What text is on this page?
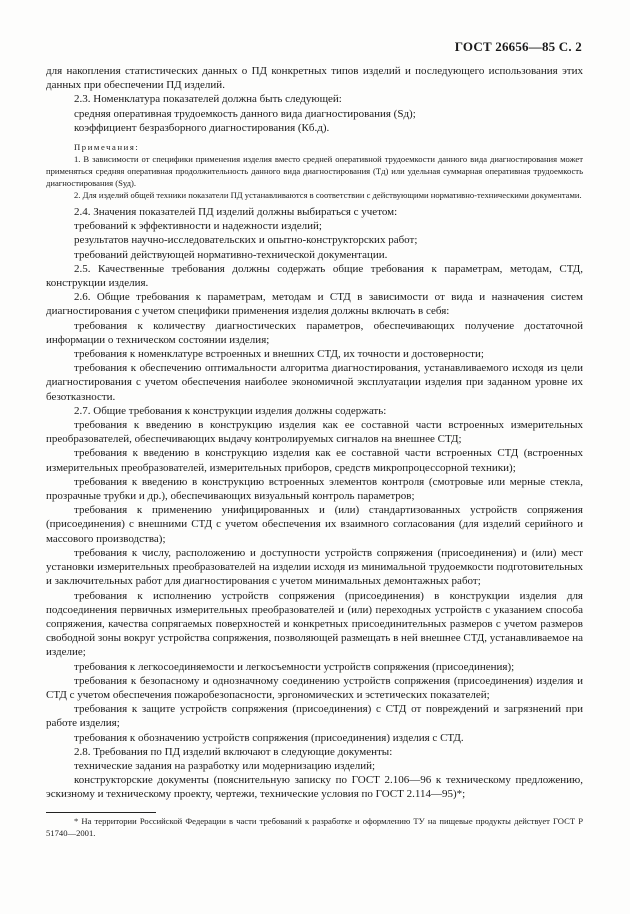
ГОСТ 26656—85 С. 2

для накопления статистических данных о ПД конкретных типов изделий и последующего использования этих данных при обеспечении ПД изделий.

2.3. Номенклатура показателей должна быть следующей:

средняя оперативная трудоемкость данного вида диагностирования (Sд);

коэффициент безразборного диагностирования (Кб.д).

Примечания:

1. В зависимости от специфики применения изделия вместо средней оперативной трудоемкости данного вида диагностирования может применяться средняя оперативная продолжительность данного вида диагностирования (Тд) или удельная суммарная оперативная трудоемкость диагностирования (Sуд).

2. Для изделий общей техники показатели ПД устанавливаются в соответствии с действующими нормативно-техническими документами.

2.4. Значения показателей ПД изделий должны выбираться с учетом:

требований к эффективности и надежности изделий;

результатов научно-исследовательских и опытно-конструкторских работ;

требований действующей нормативно-технической документации.

2.5. Качественные требования должны содержать общие требования к параметрам, методам, СТД, конструкции изделия.

2.6. Общие требования к параметрам, методам и СТД в зависимости от вида и назначения систем диагностирования с учетом специфики применения изделия должны включать в себя:

требования к количеству диагностических параметров, обеспечивающих получение достаточной информации о техническом состоянии изделия;

требования к номенклатуре встроенных и внешних СТД, их точности и достоверности;

требования к обеспечению оптимальности алгоритма диагностирования, устанавливаемого исходя из цели диагностирования с учетом обеспечения наиболее экономичной эксплуатации изделия при заданном уровне их безотказности.

2.7. Общие требования к конструкции изделия должны содержать:

требования к введению в конструкцию изделия как ее составной части встроенных измерительных преобразователей, обеспечивающих выдачу контролируемых сигналов на внешнее СТД;

требования к введению в конструкцию изделия как ее составной части встроенных СТД (встроенных измерительных преобразователей, измерительных приборов, средств микропроцессорной техники);

требования к введению в конструкцию встроенных элементов контроля (смотровые или мерные стекла, прозрачные трубки и др.), обеспечивающих визуальный контроль параметров;

требования к применению унифицированных и (или) стандартизованных устройств сопряжения (присоединения) с внешними СТД с учетом обеспечения их взаимного согласования (для изделий серийного и массового производства);

требования к числу, расположению и доступности устройств сопряжения (присоединения) и (или) мест установки измерительных преобразователей на изделии исходя из минимальной трудоемкости подготовительных и заключительных работ для диагностирования с учетом минимальных демонтажных работ;

требования к исполнению устройств сопряжения (присоединения) в конструкции изделия для подсоединения первичных измерительных преобразователей и (или) переходных устройств с указанием способа сопряжения, качества сопрягаемых поверхностей и конкретных присоединительных размеров с учетом размеров свободной зоны вокруг устройства сопряжения, позволяющей размещать в ней внешнее СТД, устанавливаемое на изделие;

требования к легкосоединяемости и легкосъемности устройств сопряжения (присоединения);

требования к безопасному и однозначному соединению устройств сопряжения (присоединения) изделия и СТД с учетом обеспечения пожаробезопасности, эргономических и эстетических показателей;

требования к защите устройств сопряжения (присоединения) с СТД от повреждений и загрязнений при работе изделия;

требования к обозначению устройств сопряжения (присоединения) изделия с СТД.

2.8. Требования по ПД изделий включают в следующие документы:

технические задания на разработку или модернизацию изделий;

конструкторские документы (пояснительную записку по ГОСТ 2.106—96 к техническому предложению, эскизному и техническому проекту, чертежи, технические условия по ГОСТ 2.114—95)*;

* На территории Российской Федерации в части требований к разработке и оформлению ТУ на пищевые продукты действует ГОСТ Р 51740—2001.
